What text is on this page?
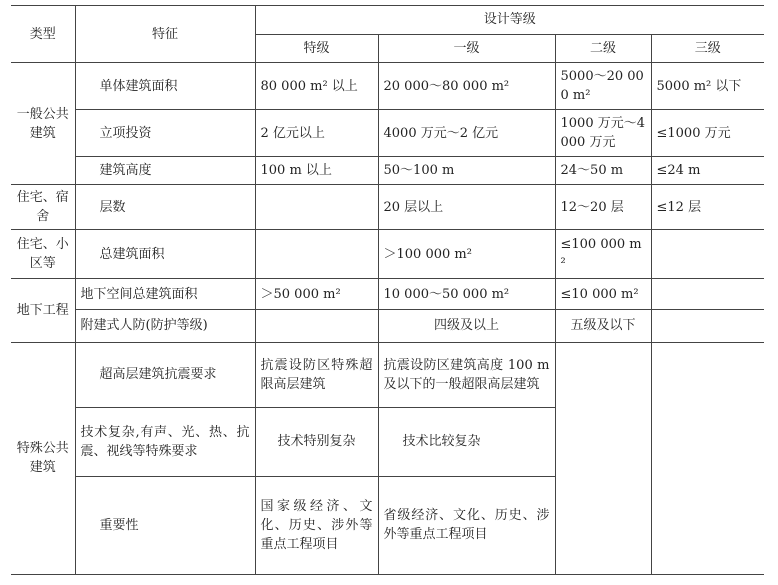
类型	特征	设计等级			
		特级	一级	二级	三级
一般公共建筑	单体建筑面积	80 000 m² 以上	20 000～80 000 m²	5000～20 000 m²	5000 m² 以下
	立项投资	2 亿元以上	4000 万元～2 亿元	1000 万元～4000 万元	≤1000 万元
	建筑高度	100 m 以上	50～100 m	24～50 m	≤24 m
住宅、宿舍	层数		20 层以上	12～20 层	≤12 层
住宅、小区等	总建筑面积		＞100 000 m²	≤100 000 m²	
地下工程	地下空间总建筑面积	＞50 000 m²	10 000～50 000 m²	≤10 000 m²	
	附建式人防(防护等级)		四级及以上	五级及以下	
特殊公共建筑	超高层建筑抗震要求	抗震设防区特殊超限高层建筑	抗震设防区建筑高度 100 m 及以下的一般超限高层建筑		
	技术复杂,有声、光、热、抗震、视线等特殊要求	技术特别复杂	技术比较复杂		
	重要性	国家级经济、文化、历史、涉外等重点工程项目	省级经济、文化、历史、涉外等重点工程项目		
